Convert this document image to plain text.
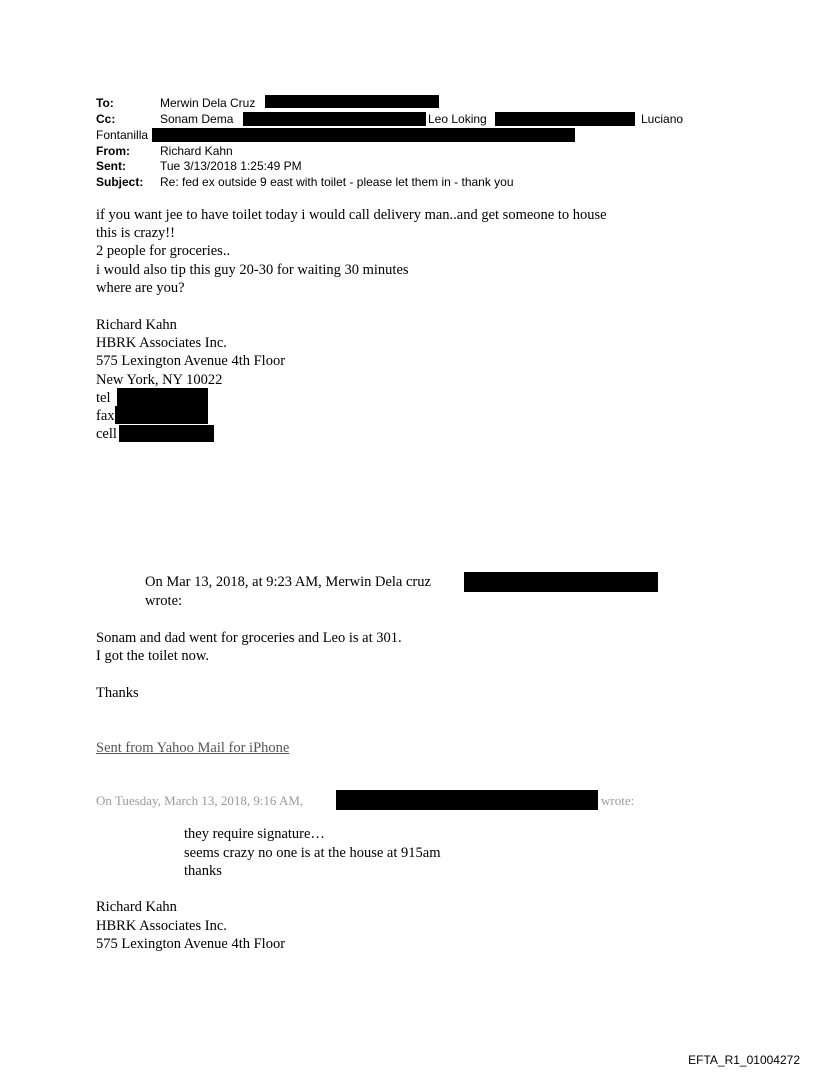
To:	Merwin Dela Cruz
Cc:	Sonam Dema	Leo Loking	Luciano
Fontanilla
From:	Richard Kahn
Sent:	Tue 3/13/2018 1:25:49 PM
Subject: Re: fed ex outside 9 east with toilet - please let them in - thank you
if you want jee to have toilet today i would call delivery man..and get someone to house
this is crazy!!
2 people for groceries..
i would also tip this guy 20-30 for waiting 30 minutes
where are you?
Richard Kahn
HBRK Associates Inc.
575 Lexington Avenue 4th Floor
New York, NY 10022
tel
fax
cell
On Mar 13, 2018, at 9:23 AM, Merwin Dela cruz
wrote:
Sonam and dad went for groceries and Leo is at 301.
I got the toilet now.
Thanks
Sent from Yahoo Mail for iPhone
On Tuesday, March 13, 2018, 9:16 AM,	wrote:
they require signature…
seems crazy no one is at the house at 915am
thanks
Richard Kahn
HBRK Associates Inc.
575 Lexington Avenue 4th Floor
EFTA_R1_01004272
